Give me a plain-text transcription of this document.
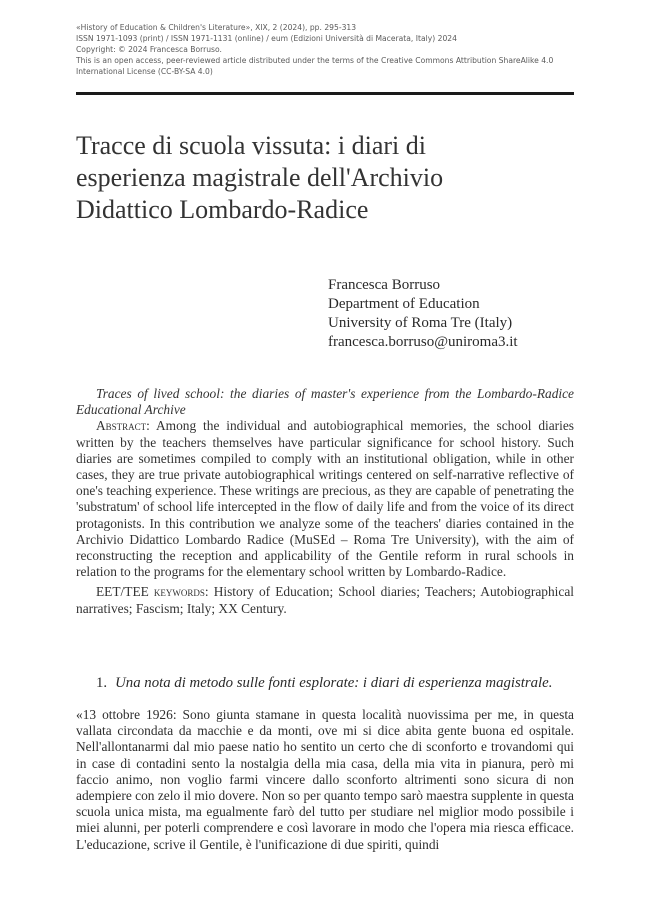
«History of Education & Children's Literature», XIX, 2 (2024), pp. 295-313
ISSN 1971-1093 (print) / ISSN 1971-1131 (online) / eum (Edizioni Università di Macerata, Italy) 2024
Copyright: © 2024 Francesca Borruso.
This is an open access, peer-reviewed article distributed under the terms of the Creative Commons Attribution ShareAlike 4.0
International License (CC-BY-SA 4.0)
Tracce di scuola vissuta: i diari di
esperienza magistrale dell'Archivio
Didattico Lombardo-Radice
Francesca Borruso
Department of Education
University of Roma Tre (Italy)
francesca.borruso@uniroma3.it

Traces of lived school: the diaries of master's experience from the Lombardo-Radice Educational Archive

Abstract: Among the individual and autobiographical memories, the school diaries written by the teachers themselves have particular significance for school history. Such diaries are sometimes compiled to comply with an institutional obligation, while in other cases, they are true private autobiographical writings centered on self-narrative reflective of one's teaching experience. These writings are precious, as they are capable of penetrating the 'substratum' of school life intercepted in the flow of daily life and from the voice of its direct protagonists. In this contribution we analyze some of the teachers' diaries contained in the Archivio Didattico Lombardo Radice (MuSEd – Roma Tre University), with the aim of reconstructing the reception and applicability of the Gentile reform in rural schools in relation to the programs for the elementary school written by Lombardo-Radice.

EET/TEE keywords: History of Education; School diaries; Teachers; Autobiographical narratives; Fascism; Italy; XX Century.

1. Una nota di metodo sulle fonti esplorate: i diari di esperienza magistrale.

«13 ottobre 1926: Sono giunta stamane in questa località nuovissima per me, in questa vallata circondata da macchie e da monti, ove mi si dice abita gente buona ed ospitale. Nell'allontanarmi dal mio paese natio ho sentito un certo che di sconforto e trovandomi qui in case di contadini sento la nostalgia della mia casa, della mia vita in pianura, però mi faccio animo, non voglio farmi vincere dallo sconforto altrimenti sono sicura di non adempiere con zelo il mio dovere. Non so per quanto tempo sarò maestra supplente in questa scuola unica mista, ma egualmente farò del tutto per studiare nel miglior modo possibile i miei alunni, per poterli comprendere e così lavorare in modo che l'opera mia riesca efficace. L'educazione, scrive il Gentile, è l'unificazione di due spiriti, quindi
